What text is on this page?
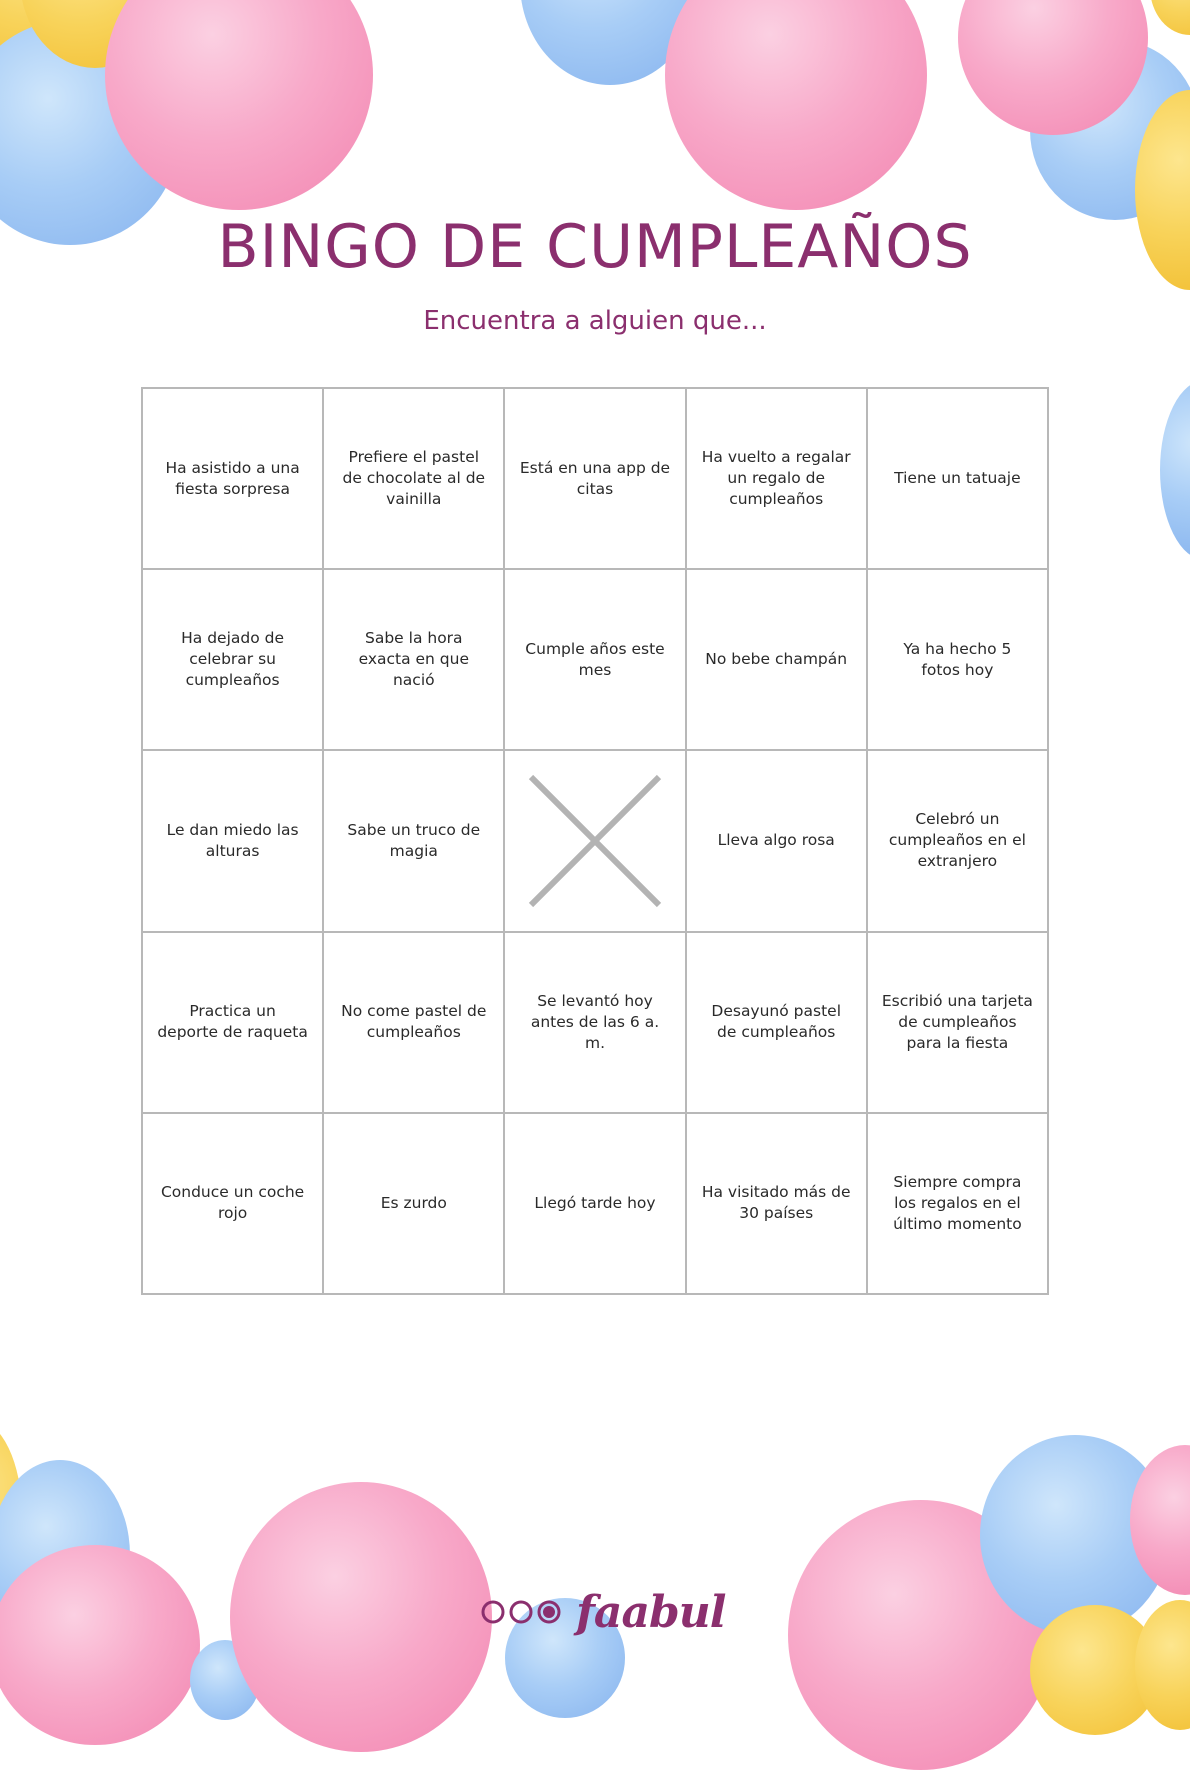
BINGO DE CUMPLEAÑOS

Encuentra a alguien que...

Ha asistido a una fiesta sorpresa
Prefiere el pastel de chocolate al de vainilla
Está en una app de citas
Ha vuelto a regalar un regalo de cumpleaños
Tiene un tatuaje
Ha dejado de celebrar su cumpleaños
Sabe la hora exacta en que nació
Cumple años este mes
No bebe champán
Ya ha hecho 5 fotos hoy
Le dan miedo las alturas
Sabe un truco de magia
Lleva algo rosa
Celebró un cumpleaños en el extranjero
Practica un deporte de raqueta
No come pastel de cumpleaños
Se levantó hoy antes de las 6 a. m.
Desayunó pastel de cumpleaños
Escribió una tarjeta de cumpleaños para la fiesta
Conduce un coche rojo
Es zurdo	Llegó tarde hoy
Ha visitado más de 30 países
Siempre compra los regalos en el último momento
faabul
